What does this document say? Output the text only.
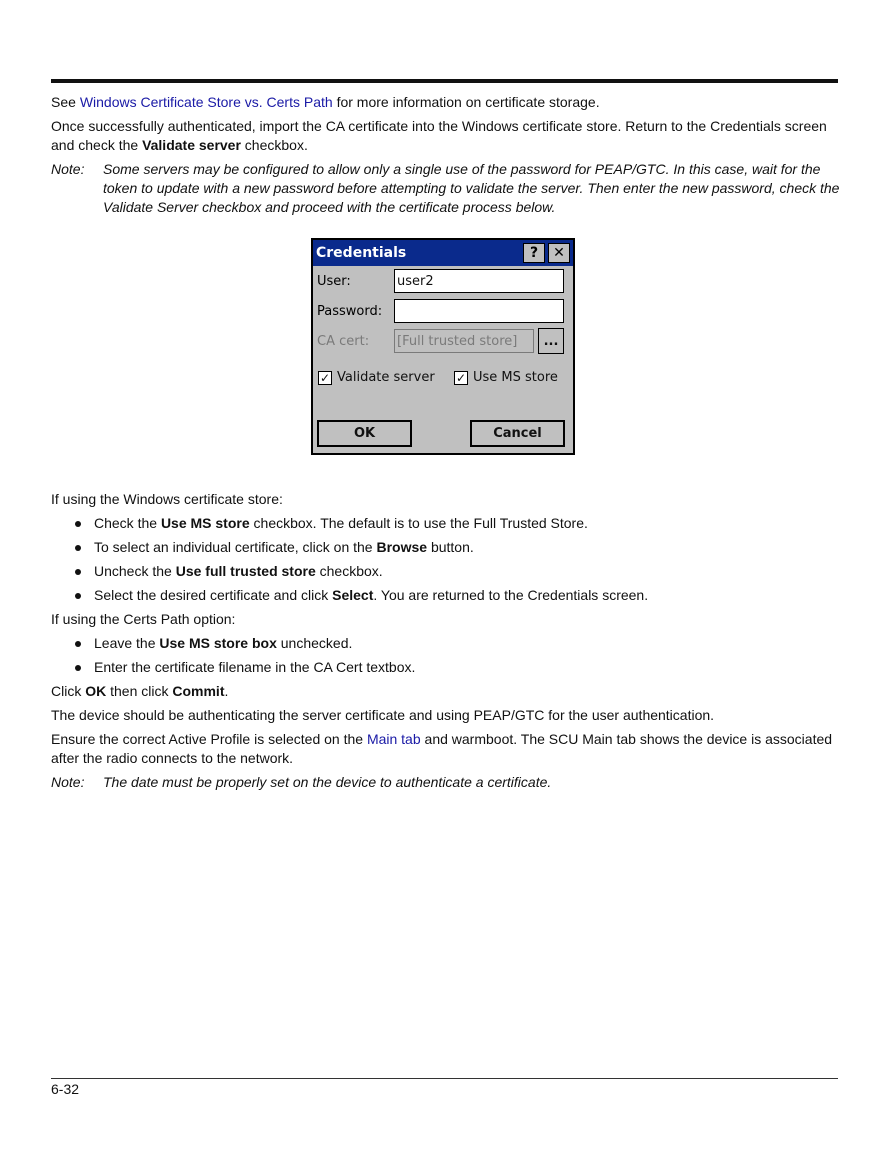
See Windows Certificate Store vs. Certs Path for more information on certificate storage.

Once successfully authenticated, import the CA certificate into the Windows certificate store. Return to the Credentials screen and check the Validate server checkbox.

Note: Some servers may be configured to allow only a single use of the password for PEAP/GTC. In this case, wait for the token to update with a new password before attempting to validate the server. Then enter the new password, check the Validate Server checkbox and proceed with the certificate process below.
Credentials	?	✕
User:	user2
Password:
CA cert: [Full trusted store]	...
✓ Validate server ✓ Use MS store
OK	Cancel

If using the Windows certificate store:

Check the Use MS store checkbox. The default is to use the Full Trusted Store.
To select an individual certificate, click on the Browse button.
Uncheck the Use full trusted store checkbox.
Select the desired certificate and click Select. You are returned to the Credentials screen.

If using the Certs Path option:

Leave the Use MS store box unchecked.
Enter the certificate filename in the CA Cert textbox.

Click OK then click Commit.

The device should be authenticating the server certificate and using PEAP/GTC for the user authentication.

Ensure the correct Active Profile is selected on the Main tab and warmboot. The SCU Main tab shows the device is associated after the radio connects to the network.

Note: The date must be properly set on the device to authenticate a certificate.
6-32
